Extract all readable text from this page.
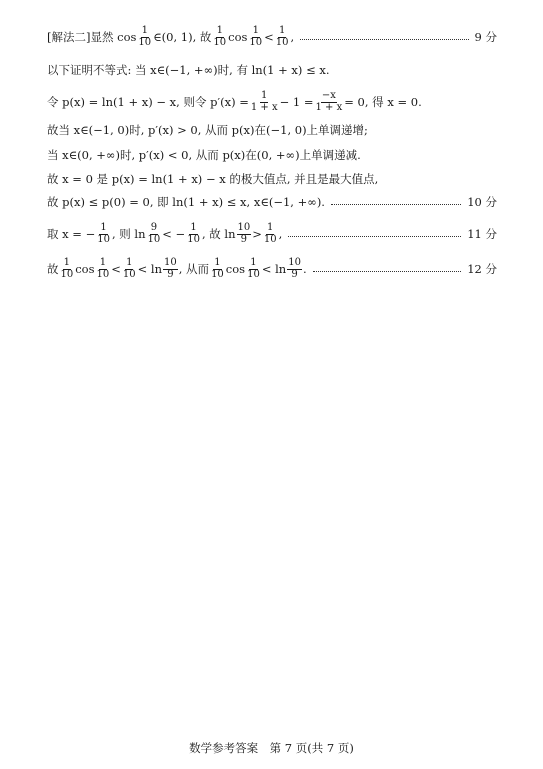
[解法二]显然 $\cos \frac{1}{10}$ ∈(0, 1), 故 $\frac{1}{10}$ $\cos \frac{1}{10} < \frac{1}{10}$ ,	9 分
以下证明不等式: 当 x∈(−1, +∞)时, 有 ln(1 + x) ≤ x.
令 p(x) = ln(1 + x) − x, 则令 $p'(x) = \frac{1}{1 + x} - 1 = \frac{-x}{1 + x} = 0$, 得 x = 0.
故当 x∈(−1, 0)时, p′(x) > 0, 从而 p(x)在(−1, 0)上单调递增;
当 x∈(0, +∞)时, p′(x) < 0, 从而 p(x)在(0, +∞)上单调递减.
故 x = 0 是 p(x) = ln(1 + x) − x 的极大值点, 并且是最大值点,
故 p(x) ≤ p(0) = 0, 即 ln(1 + x) ≤ x, x∈(−1, +∞).	10 分
取 x = − $\frac{1}{10}$ , 则 $\ln \frac{9}{10}$ < − $\frac{1}{10}$ , 故 $\ln \frac{10}{9} > \frac{1}{10}$ ,	11 分
故 $\frac{1}{10}$ $\cos \frac{1}{10} < \frac{1}{10} < \ln \frac{10}{9}$ , 从而 $\frac{1}{10}$ $\cos \frac{1}{10} < \ln \frac{10}{9}$ .	12 分
数学参考答案　第 7 页(共 7 页)
